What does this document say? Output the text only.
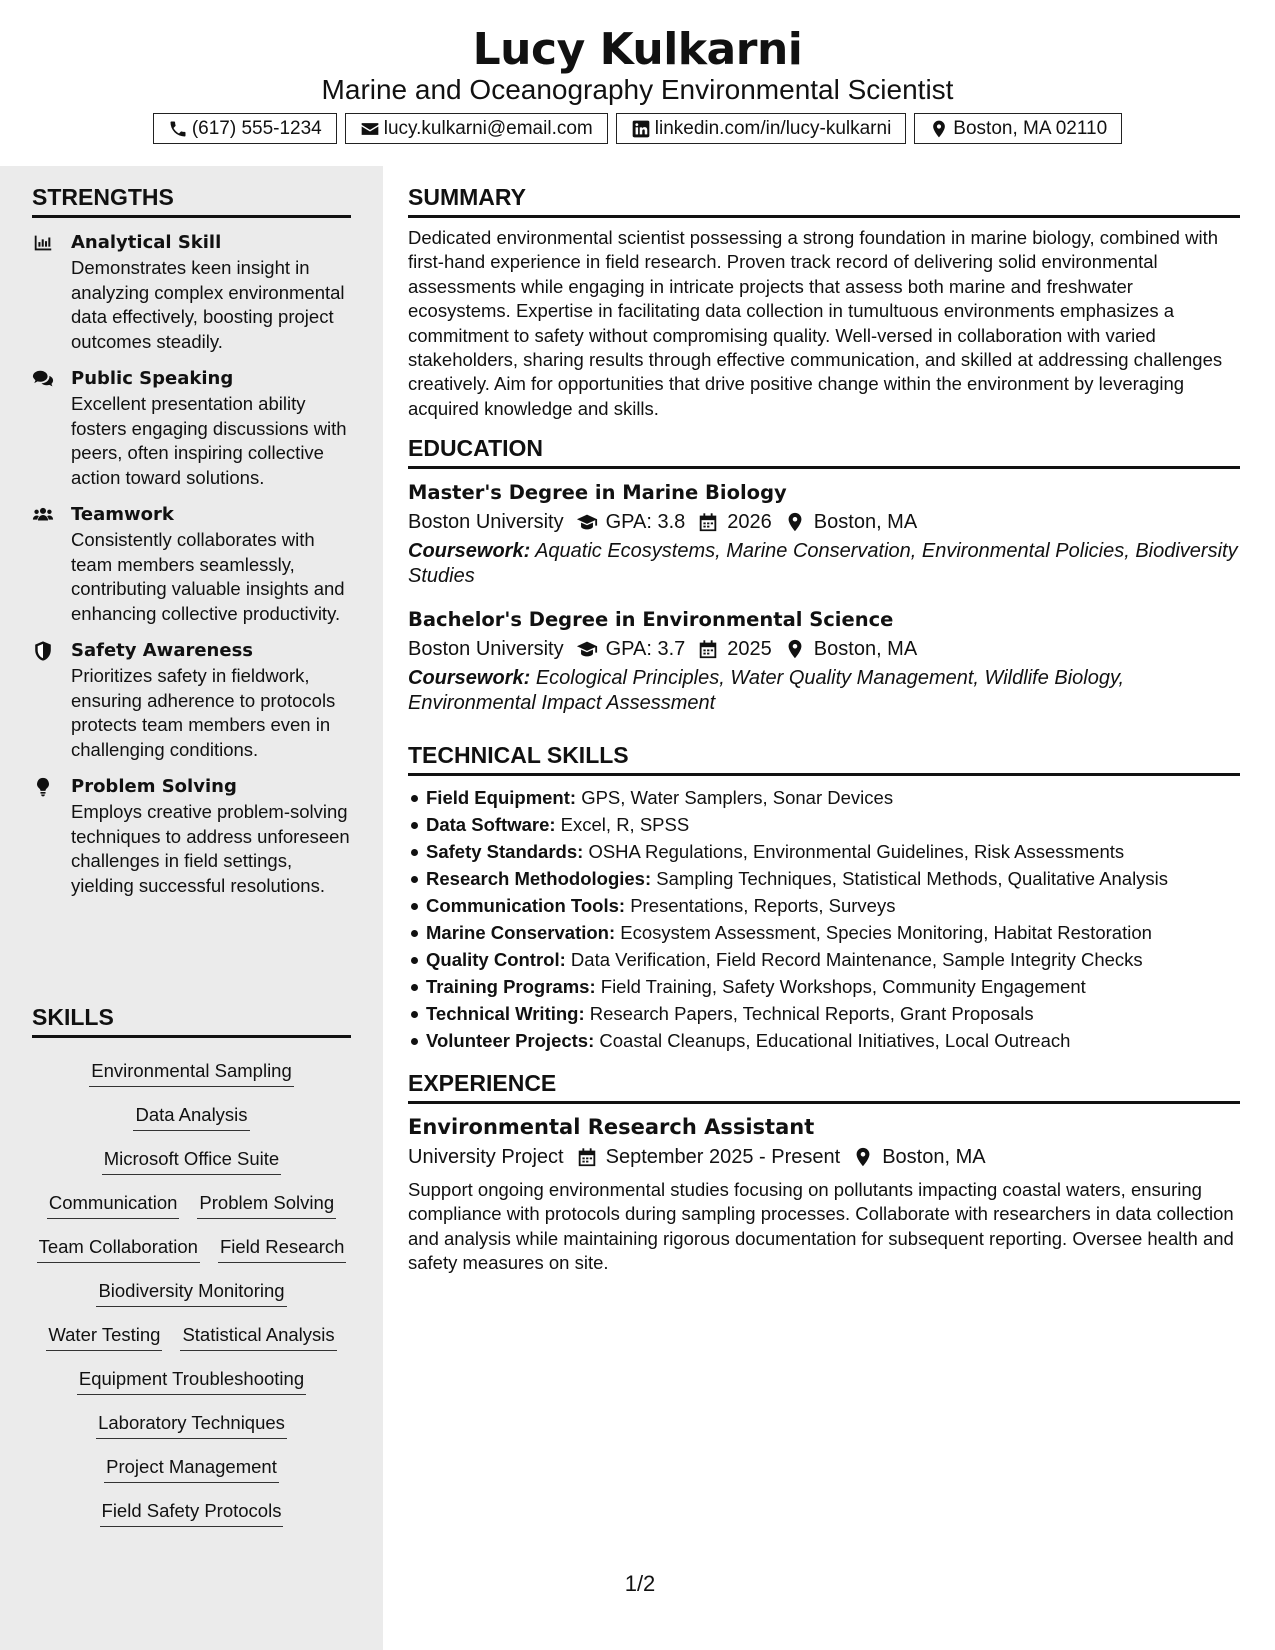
Lucy Kulkarni
Marine and Oceanography Environmental Scientist
(617) 555-1234	lucy.kulkarni@email.com	linkedin.com/in/lucy-kulkarni	Boston, MA 02110
STRENGTHS
Analytical Skill
Demonstrates keen insight in analyzing complex environmental data effectively, boosting project outcomes steadily.
Public Speaking
Excellent presentation ability fosters engaging discussions with peers, often inspiring collective action toward solutions.
Teamwork
Consistently collaborates with team members seamlessly, contributing valuable insights and enhancing collective productivity.
Safety Awareness
Prioritizes safety in fieldwork, ensuring adherence to protocols protects team members even in challenging conditions.
Problem Solving
Employs creative problem-solving techniques to address unforeseen challenges in field settings, yielding successful resolutions.
SKILLS
Environmental Sampling
Data Analysis
Microsoft Office Suite
Communication Problem Solving
Team Collaboration Field Research
Biodiversity Monitoring
Water Testing Statistical Analysis
Equipment Troubleshooting
Laboratory Techniques
Project Management
Field Safety Protocols
SUMMARY
Dedicated environmental scientist possessing a strong foundation in marine biology, combined with first-hand experience in field research. Proven track record of delivering solid environmental assessments while engaging in intricate projects that assess both marine and freshwater ecosystems. Expertise in facilitating data collection in tumultuous environments emphasizes a commitment to safety without compromising quality. Well-versed in collaboration with varied stakeholders, sharing results through effective communication, and skilled at addressing challenges creatively. Aim for opportunities that drive positive change within the environment by leveraging acquired knowledge and skills.
EDUCATION
Master's Degree in Marine Biology
Boston University GPA: 3.8 2026 Boston, MA
Coursework: Aquatic Ecosystems, Marine Conservation, Environmental Policies, Biodiversity Studies
Bachelor's Degree in Environmental Science
Boston University GPA: 3.7 2025 Boston, MA
Coursework: Ecological Principles, Water Quality Management, Wildlife Biology, Environmental Impact Assessment
TECHNICAL SKILLS
Field Equipment: GPS, Water Samplers, Sonar Devices
Data Software: Excel, R, SPSS
Safety Standards: OSHA Regulations, Environmental Guidelines, Risk Assessments
Research Methodologies: Sampling Techniques, Statistical Methods, Qualitative Analysis
Communication Tools: Presentations, Reports, Surveys
Marine Conservation: Ecosystem Assessment, Species Monitoring, Habitat Restoration
Quality Control: Data Verification, Field Record Maintenance, Sample Integrity Checks
Training Programs: Field Training, Safety Workshops, Community Engagement
Technical Writing: Research Papers, Technical Reports, Grant Proposals
Volunteer Projects: Coastal Cleanups, Educational Initiatives, Local Outreach
EXPERIENCE
Environmental Research Assistant
University Project September 2025 - Present Boston, MA
Support ongoing environmental studies focusing on pollutants impacting coastal waters, ensuring compliance with protocols during sampling processes. Collaborate with researchers in data collection and analysis while maintaining rigorous documentation for subsequent reporting. Oversee health and safety measures on site.
1/2
